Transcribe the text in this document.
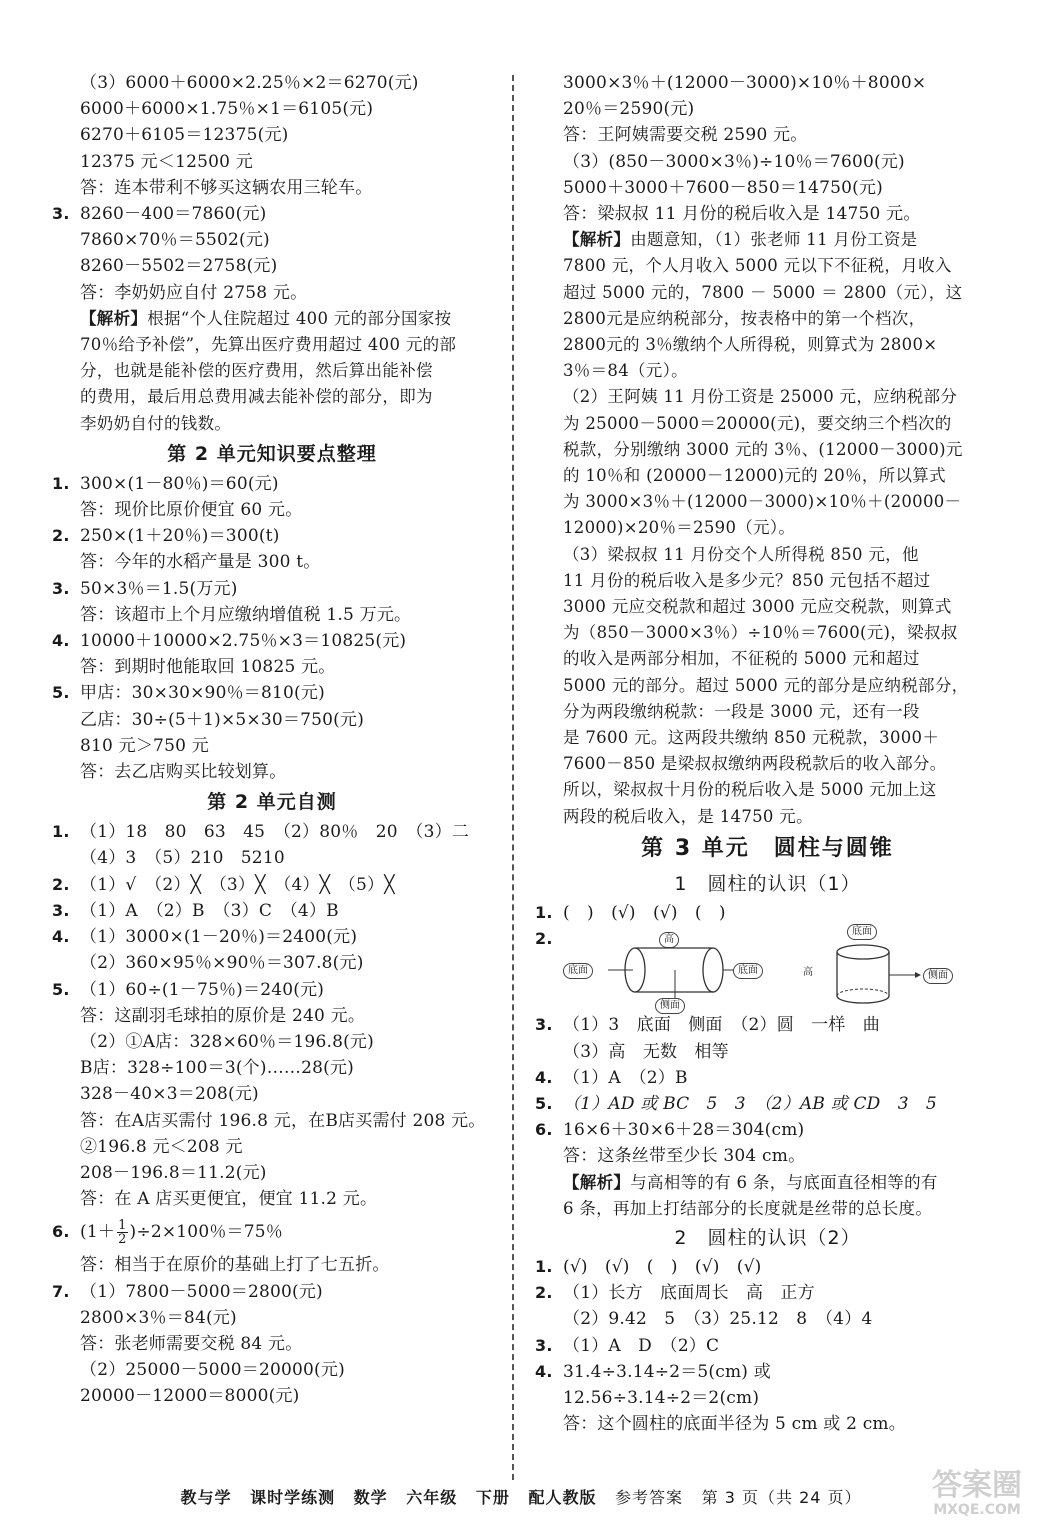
（3）6000＋6000×2.25％×2＝6270(元)
6000＋6000×1.75％×1＝6105(元)
6270＋6105＝12375(元)
12375 元＜12500 元
答：连本带利不够买这辆农用三轮车。
3. 8260－400＝7860(元)
7860×70％＝5502(元)
8260－5502＝2758(元)
答：李奶奶应自付 2758 元。
【解析】根据“个人住院超过 400 元的部分国家按
70％给予补偿”，先算出医疗费用超过 400 元的部
分，也就是能补偿的医疗费用，然后算出能补偿
的费用，最后用总费用减去能补偿的部分，即为
李奶奶自付的钱数。
第 2 单元知识要点整理
1. 300×(1－80％)＝60(元)
答：现价比原价便宜 60 元。
2. 250×(1＋20％)＝300(t)
答：今年的水稻产量是 300 t。
3. 50×3％＝1.5(万元)
答：该超市上个月应缴纳增值税 1.5 万元。
4. 10000＋10000×2.75％×3＝10825(元)
答：到期时他能取回 10825 元。
5. 甲店：30×30×90％＝810(元)
乙店：30÷(5＋1)×5×30＝750(元)
810 元＞750 元
答：去乙店购买比较划算。
第 2 单元自测
1. （1）18　80　63　45　（2）80％　20　（3）二
（4）3　（5）210　5210
2. （1）√　（2）╳　（3）╳　（4）╳　（5）╳
3. （1）A　（2）B　（3）C　（4）B
4. （1）3000×(1－20％)＝2400(元)
（2）360×95％×90％＝307.8(元)
5. （1）60÷(1－75％)＝240(元)
答：这副羽毛球拍的原价是 240 元。
（2）①A店：328×60％＝196.8(元)
B店：328÷100＝3(个)……28(元)
328－40×3＝208(元)
答：在A店买需付 196.8 元，在B店买需付 208 元。
②196.8 元＜208 元
208－196.8＝11.2(元)
答：在 A 店买更便宜，便宜 11.2 元。
6. $(1+ \frac{1}{2} )\div 2\times 100$％＝75％
答：相当于在原价的基础上打了七五折。
7. （1）7800－5000＝2800(元)
2800×3％＝84(元)
答：张老师需要交税 84 元。
（2）25000－5000＝20000(元)
20000－12000＝8000(元)
3000×3％＋(12000－3000)×10％＋8000×
20％＝2590(元)
答：王阿姨需要交税 2590 元。
（3）(850－3000×3％)÷10％＝7600(元)
5000＋3000＋7600－850＝14750(元)
答：梁叔叔 11 月份的税后收入是 14750 元。
【解析】由题意知，（1）张老师 11 月份工资是
7800 元，个人月收入 5000 元以下不征税，月收入
超过 5000 元的，7800 － 5000 ＝ 2800（元），这
2800元是应纳税部分，按表格中的第一个档次，
2800元的 3％缴纳个人所得税，则算式为 2800×
3％＝84（元）。
（2）王阿姨 11 月份工资是 25000 元，应纳税部分
为 25000－5000＝20000(元)，要交纳三个档次的
税款，分别缴纳 3000 元的 3％、(12000－3000)元
的 10％和 (20000－12000)元的 20％，所以算式
为 3000×3％＋(12000－3000)×10％＋(20000－
12000)×20％＝2590（元）。
（3）梁叔叔 11 月份交个人所得税 850 元，他
11 月份的税后收入是多少元？850 元包括不超过
3000 元应交税款和超过 3000 元应交税款，则算式
为（850－3000×3％）÷10％＝7600(元)，梁叔叔
的收入是两部分相加，不征税的 5000 元和超过
5000 元的部分。超过 5000 元的部分是应纳税部分，
分为两段缴纳税款：一段是 3000 元，还有一段
是 7600 元。这两段共缴纳 850 元税款，3000＋
7600－850 是梁叔叔缴纳两段税款后的收入部分。
所以，梁叔叔十月份的税后收入是 5000 元加上这
两段的税后收入，是 14750 元。
第 3 单元　圆柱与圆锥
1　圆柱的认识（1）
1. (　)　(√)　(√)　(　)
2.	高
底面	底面
侧面
底面
高	侧面
3. （1）3　底面　侧面　（2）圆　一样　曲
（3）高　无数　相等
4. （1）A　（2）B
5. （1）AD 或 BC　5　3　（2）AB 或 CD　3　5
6. 16×6＋30×6＋28＝304(cm)
答：这条丝带至少长 304 cm。
【解析】与高相等的有 6 条，与底面直径相等的有
6 条，再加上打结部分的长度就是丝带的总长度。
2　圆柱的认识（2）
1. (√)　(√)　(　)　(√)　(√)
2. （1）长方　底面周长　高　正方
（2）9.42　5　（3）25.12　8　（4）4
3. （1）A　D　（2）C
4. 31.4÷3.14÷2＝5(cm) 或
12.56÷3.14÷2＝2(cm)
答：这个圆柱的底面半径为 5 cm 或 2 cm。
教与学 课时学练测 数学 六年级 下册 配人教版 参考答案 第 3 页（共 24 页）	答案圈
MXQE.COM
